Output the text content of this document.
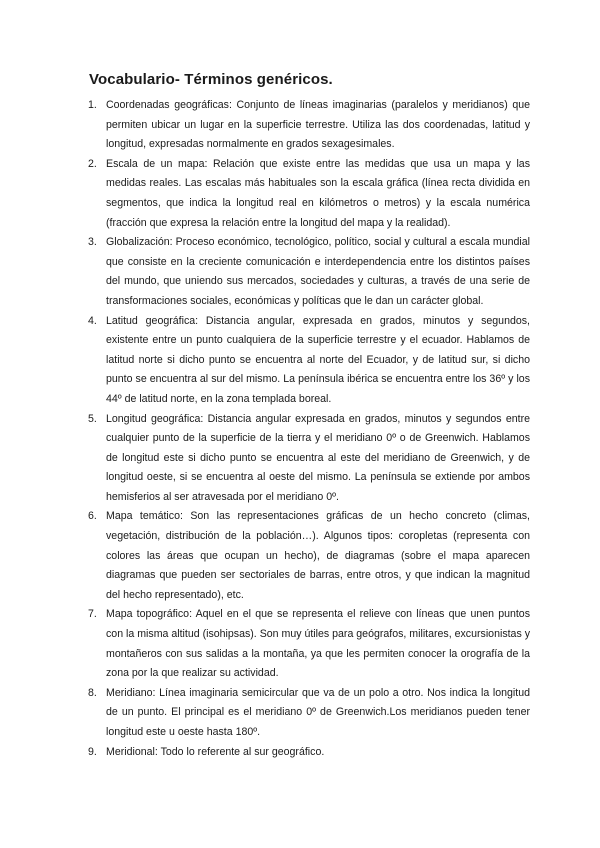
Vocabulario- Términos genéricos.
1. Coordenadas geográficas: Conjunto de líneas imaginarias (paralelos y meridianos) que permiten ubicar un lugar en la superficie terrestre. Utiliza las dos coordenadas, latitud y longitud, expresadas normalmente en grados sexagesimales.
2. Escala de un mapa: Relación que existe entre las medidas que usa un mapa y las medidas reales. Las escalas más habituales son la escala gráfica (línea recta dividida en segmentos, que indica la longitud real en kilómetros o metros) y la escala numérica (fracción que expresa la relación entre la longitud del mapa y la realidad).
3. Globalización: Proceso económico, tecnológico, político, social y cultural a escala mundial que consiste en la creciente comunicación e interdependencia entre los distintos países del mundo, que uniendo sus mercados, sociedades y culturas, a través de una serie de transformaciones sociales, económicas y políticas que le dan un carácter global.
4. Latitud geográfica: Distancia angular, expresada en grados, minutos y segundos, existente entre un punto cualquiera de la superficie terrestre y el ecuador. Hablamos de latitud norte si dicho punto se encuentra al norte del Ecuador, y de latitud sur, si dicho punto se encuentra al sur del mismo. La península ibérica se encuentra entre los 36º y los 44º de latitud norte, en la zona templada boreal.
5. Longitud geográfica: Distancia angular expresada en grados, minutos y segundos entre cualquier punto de la superficie de la tierra y el meridiano 0º o de Greenwich. Hablamos de longitud este si dicho punto se encuentra al este del meridiano de Greenwich, y de longitud oeste, si se encuentra al oeste del mismo. La península se extiende por ambos hemisferios al ser atravesada por el meridiano 0º.
6. Mapa temático: Son las representaciones gráficas de un hecho concreto (climas, vegetación, distribución de la población…). Algunos tipos: coropletas (representa con colores las áreas que ocupan un hecho), de diagramas (sobre el mapa aparecen diagramas que pueden ser sectoriales de barras, entre otros, y que indican la magnitud del hecho representado), etc.
7. Mapa topográfico: Aquel en el que se representa el relieve con líneas que unen puntos con la misma altitud (isohipsas). Son muy útiles para geógrafos, militares, excursionistas y montañeros con sus salidas a la montaña, ya que les permiten conocer la orografía de la zona por la que realizar su actividad.
8. Meridiano: Línea imaginaria semicircular que va de un polo a otro. Nos indica la longitud de un punto. El principal es el meridiano 0º de Greenwich.Los meridianos pueden tener longitud este u oeste hasta 180º.
9. Meridional: Todo lo referente al sur geográfico.
